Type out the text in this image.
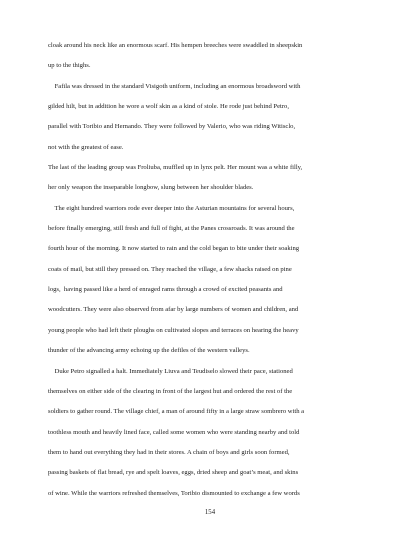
cloak around his neck like an enormous scarf. His hempen breeches were swaddled in sheepskin
up to the thighs.
Fafila was dressed in the standard Visigoth uniform, including an enormous broadsword with
gilded hilt, but in addition he wore a wolf skin as a kind of stole. He rode just behind Petro,
parallel with Toribio and Hernando. They were followed by Valerio, who was riding Witisclo,
not with the greatest of ease.
The last of the leading group was Froliuba, muffled up in lynx pelt. Her mount was a white filly,
her only weapon the inseparable longbow, slung between her shoulder blades.
The eight hundred warriors rode ever deeper into the Asturian mountains for several hours,
before finally emerging, still fresh and full of fight, at the Panes crossroads. It was around the
fourth hour of the morning. It now started to rain and the cold began to bite under their soaking
coats of mail, but still they pressed on. They reached the village, a few shacks raised on pine
logs,  having passed like a herd of enraged rams through a crowd of excited peasants and
woodcutters. They were also observed from afar by large numbers of women and children, and
young people who had left their ploughs on cultivated slopes and terraces on hearing the heavy
thunder of the advancing army echoing up the defiles of the western valleys.
Duke Petro signalled a halt. Immediately Liuva and Teudiselo slowed their pace, stationed
themselves on either side of the clearing in front of the largest hut and ordered the rest of the
soldiers to gather round. The village chief, a man of around fifty in a large straw sombrero with a
toothless mouth and heavily lined face, called some women who were standing nearby and told
them to hand out everything they had in their stores. A chain of boys and girls soon formed,
passing baskets of flat bread, rye and spelt loaves, eggs, dried sheep and goat’s meat, and skins
of wine. While the warriors refreshed themselves, Toribio dismounted to exchange a few words
154
